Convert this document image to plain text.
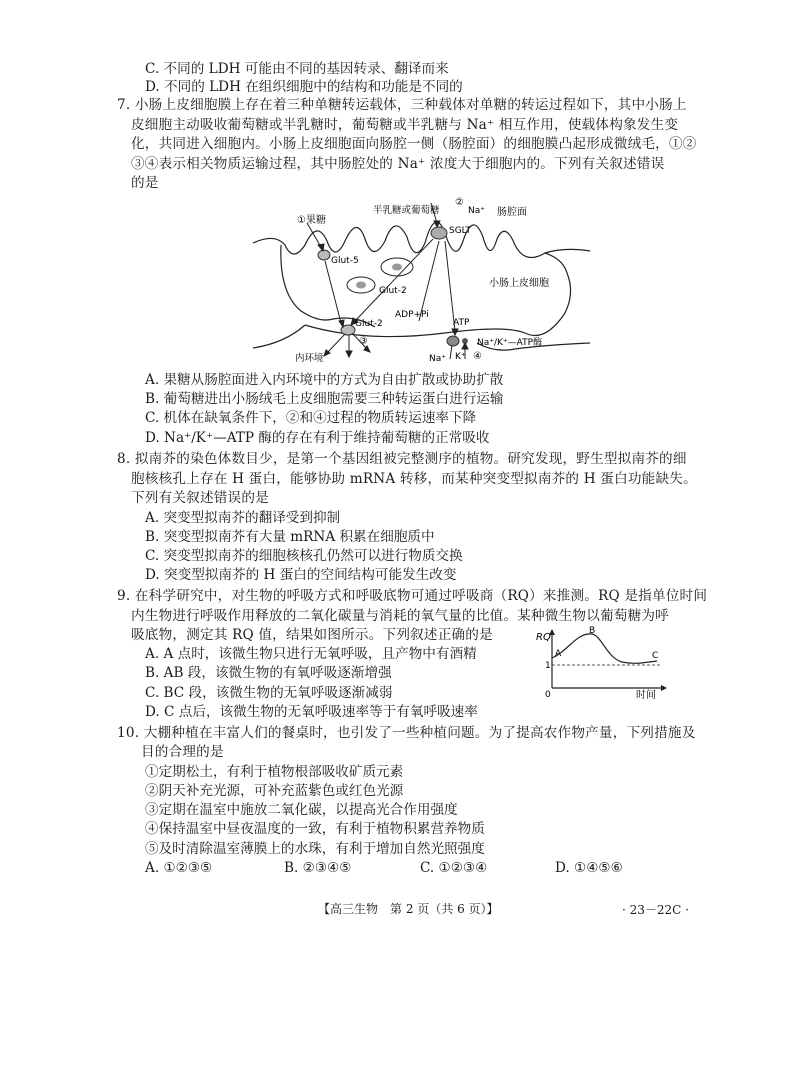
C. 不同的 LDH 可能由不同的基因转录、翻译而来
D. 不同的 LDH 在组织细胞中的结构和功能是不同的
7. 小肠上皮细胞膜上存在着三种单糖转运载体，三种载体对单糖的转运过程如下，其中小肠上
皮细胞主动吸收葡萄糖或半乳糖时，葡萄糖或半乳糖与 Na⁺ 相互作用，使载体构象发生变
化，共同进入细胞内。小肠上皮细胞面向肠腔一侧（肠腔面）的细胞膜凸起形成微绒毛，①②
③④表示相关物质运输过程，其中肠腔处的 Na⁺ 浓度大于细胞内的。下列有关叙述错误
的是
①果糖
半乳糖或葡萄糖
②
Na⁺ 肠腔面
SGLT
Glut-5
Glut-2
小肠上皮细胞
ADP+Pi
ATP
Glut-2
③	Na⁺/K⁺—ATP酶
内环境	Na⁺ K⁺ ④
A. 果糖从肠腔面进入内环境中的方式为自由扩散或协助扩散
B. 葡萄糖进出小肠绒毛上皮细胞需要三种转运蛋白进行运输
C. 机体在缺氧条件下，②和④过程的物质转运速率下降
D. Na⁺/K⁺—ATP 酶的存在有利于维持葡萄糖的正常吸收
8. 拟南芥的染色体数目少，是第一个基因组被完整测序的植物。研究发现，野生型拟南芥的细
胞核核孔上存在 H 蛋白，能够协助 mRNA 转移，而某种突变型拟南芥的 H 蛋白功能缺失。
下列有关叙述错误的是
A. 突变型拟南芥的翻译受到抑制
B. 突变型拟南芥有大量 mRNA 积累在细胞质中
C. 突变型拟南芥的细胞核核孔仍然可以进行物质交换
D. 突变型拟南芥的 H 蛋白的空间结构可能发生改变
9. 在科学研究中，对生物的呼吸方式和呼吸底物可通过呼吸商（RQ）来推测。RQ 是指单位时间
内生物进行呼吸作用释放的二氧化碳量与消耗的氧气量的比值。某种微生物以葡萄糖为呼
吸底物，测定其 RQ 值，结果如图所示。下列叙述正确的是	RQ
时间
0
1
A
B
C
A. A 点时，该微生物只进行无氧呼吸，且产物中有酒精
B. AB 段，该微生物的有氧呼吸逐渐增强
C. BC 段，该微生物的无氧呼吸逐渐减弱
D. C 点后，该微生物的无氧呼吸速率等于有氧呼吸速率
10. 大棚种植在丰富人们的餐桌时，也引发了一些种植问题。为了提高农作物产量，下列措施及
目的合理的是
①定期松土，有利于植物根部吸收矿质元素
②阴天补充光源，可补充蓝紫色或红色光源
③定期在温室中施放二氧化碳，以提高光合作用强度
④保持温室中昼夜温度的一致，有利于植物积累营养物质
⑤及时清除温室薄膜上的水珠，有利于增加自然光照强度
A. ①②③⑤	B. ②③④⑤	C. ①②③④	D. ①④⑤⑥
【高三生物　第 2 页（共 6 页）】	· 23－22C ·
